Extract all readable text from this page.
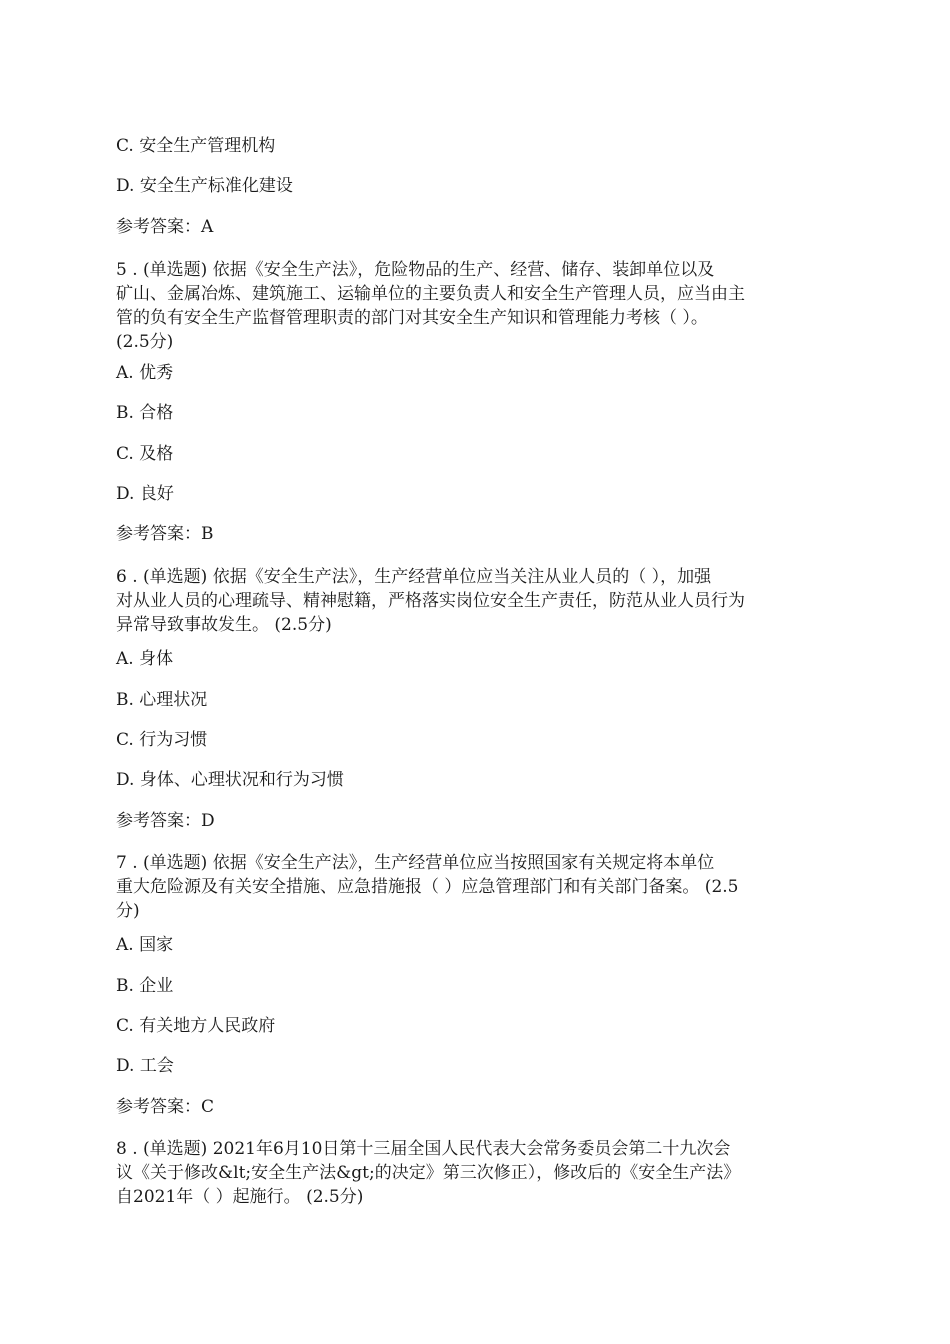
C. 安全生产管理机构
D. 安全生产标准化建设
参考答案：A
5 . (单选题) 依据《安全生产法》，危险物品的生产、经营、储存、装卸单位以及
矿山、金属冶炼、建筑施工、运输单位的主要负责人和安全生产管理人员，应当由主
管的负有安全生产监督管理职责的部门对其安全生产知识和管理能力考核（ ）。
(2.5分)
A. 优秀
B. 合格
C. 及格
D. 良好
参考答案：B
6 . (单选题) 依据《安全生产法》，生产经营单位应当关注从业人员的（ ），加强
对从业人员的心理疏导、精神慰籍，严格落实岗位安全生产责任，防范从业人员行为
异常导致事故发生。 (2.5分)
A. 身体
B. 心理状况
C. 行为习惯
D. 身体、心理状况和行为习惯
参考答案：D
7 . (单选题) 依据《安全生产法》，生产经营单位应当按照国家有关规定将本单位
重大危险源及有关安全措施、应急措施报（ ）应急管理部门和有关部门备案。 (2.5
分)
A. 国家
B. 企业
C. 有关地方人民政府
D. 工会
参考答案：C
8 . (单选题) 2021年6月10日第十三届全国人民代表大会常务委员会第二十九次会
议《关于修改&lt;安全生产法&gt;的决定》第三次修正），修改后的《安全生产法》
自2021年（ ）起施行。 (2.5分)
